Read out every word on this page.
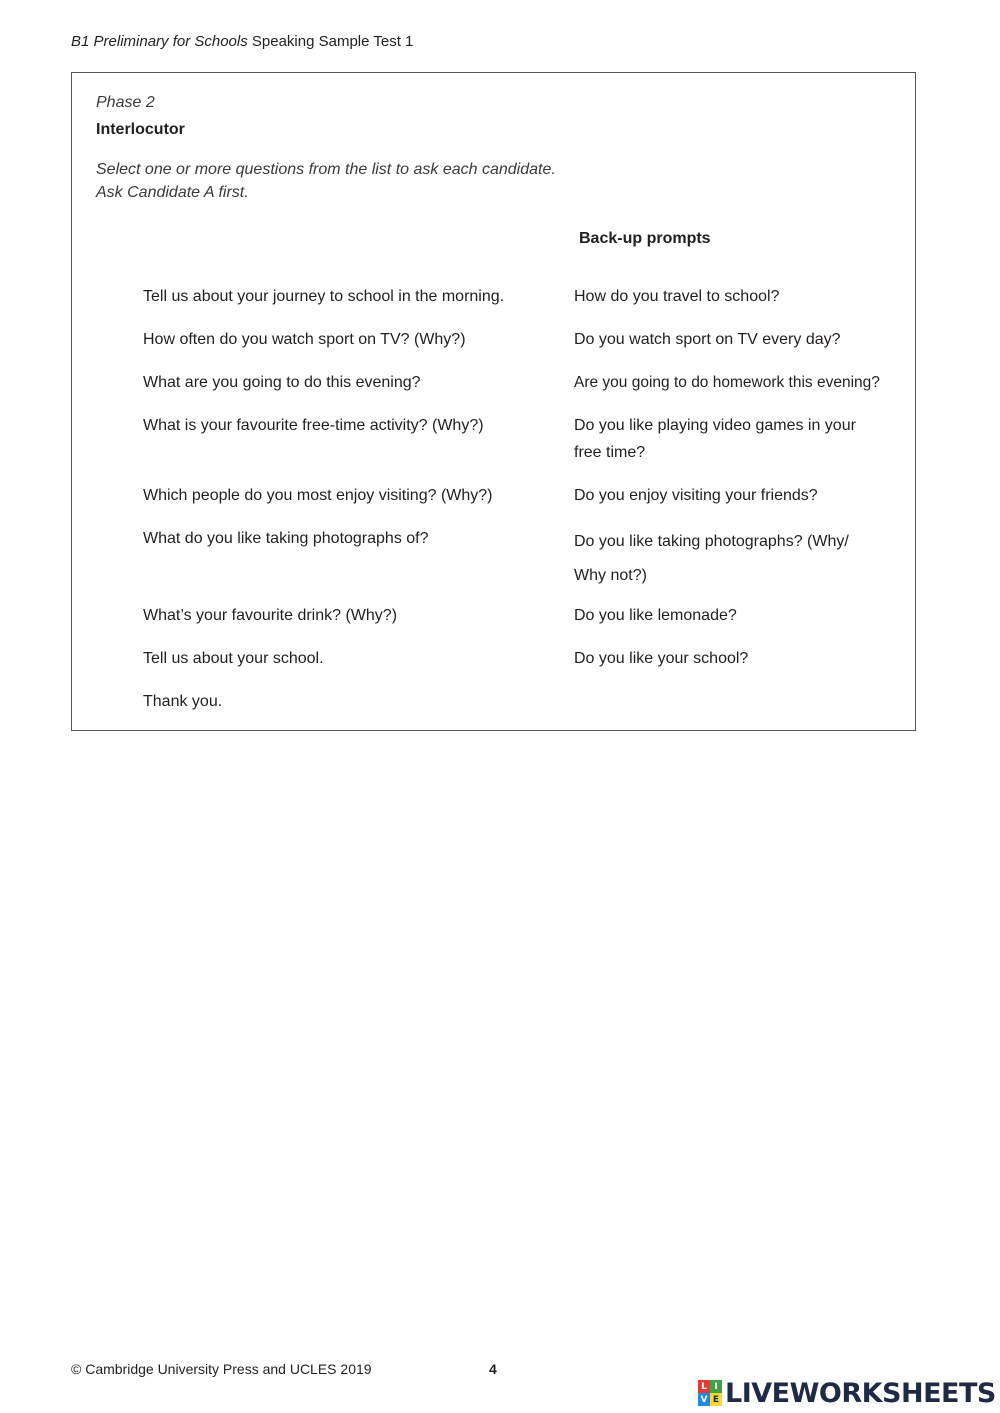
B1 Preliminary for Schools Speaking Sample Test 1
Phase 2
Interlocutor
Select one or more questions from the list to ask each candidate.
Ask Candidate A first.
Back-up prompts
Tell us about your journey to school in the morning.	How do you travel to school?
How often do you watch sport on TV? (Why?)	Do you watch sport on TV every day?
What are you going to do this evening?	Are you going to do homework this evening?
What is your favourite free-time activity? (Why?)	Do you like playing video games in your free time?
Which people do you most enjoy visiting? (Why?)	Do you enjoy visiting your friends?
What do you like taking photographs of?	Do you like taking photographs? (Why/ Why not?)
What’s your favourite drink? (Why?)	Do you like lemonade?
Tell us about your school.	Do you like your school?
Thank you.
© Cambridge University Press and UCLES 2019	4
L I
V E LIVEWORKSHEETS
